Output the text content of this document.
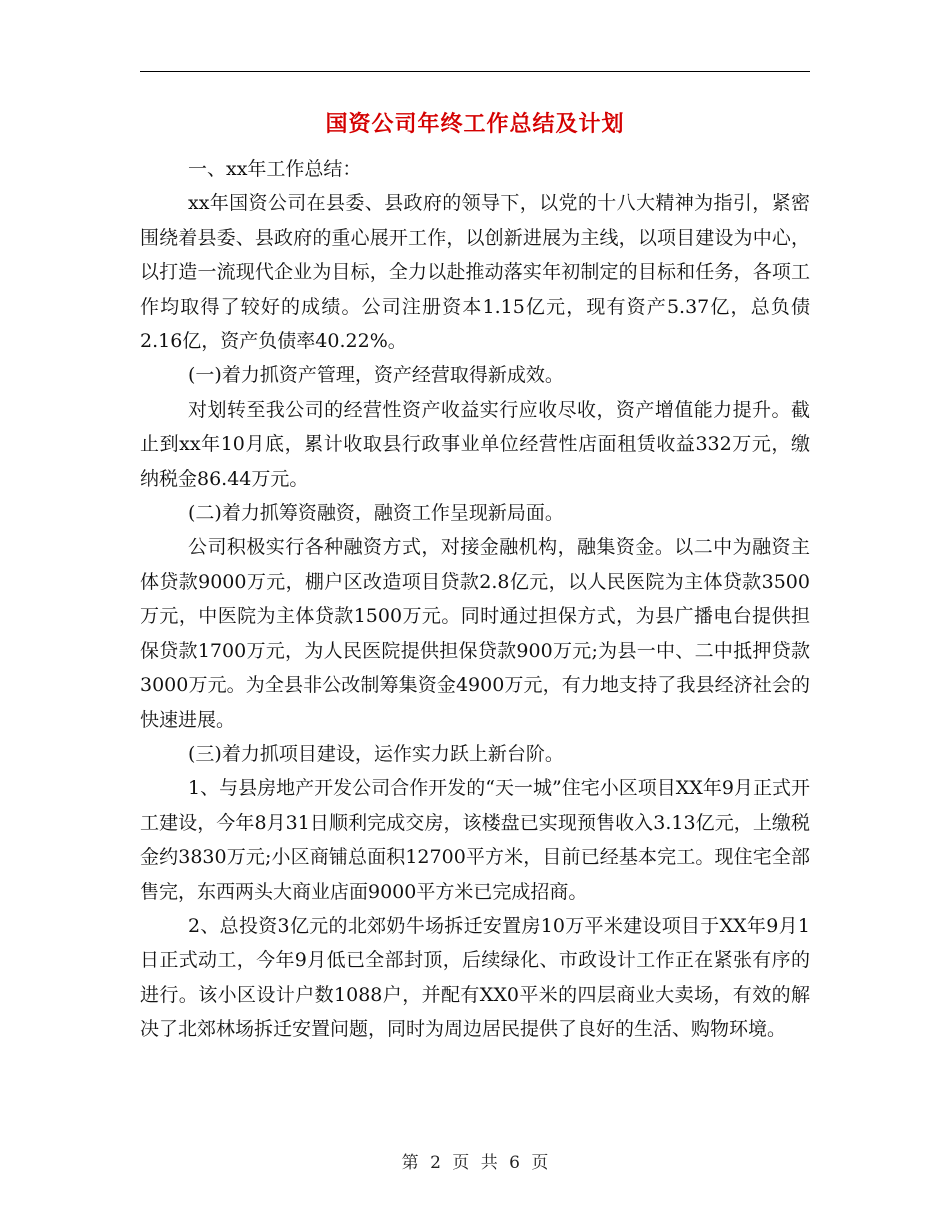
国资公司年终工作总结及计划

一、xx年工作总结：

xx年国资公司在县委、县政府的领导下，以党的十八大精神为指引，紧密围绕着县委、县政府的重心展开工作，以创新进展为主线，以项目建设为中心，以打造一流现代企业为目标，全力以赴推动落实年初制定的目标和任务，各项工作均取得了较好的成绩。公司注册资本1.15亿元，现有资产5.37亿，总负债2.16亿，资产负债率40.22%。

(一)着力抓资产管理，资产经营取得新成效。

对划转至我公司的经营性资产收益实行应收尽收，资产增值能力提升。截止到xx年10月底，累计收取县行政事业单位经营性店面租赁收益332万元，缴纳税金86.44万元。

(二)着力抓筹资融资，融资工作呈现新局面。

公司积极实行各种融资方式，对接金融机构，融集资金。以二中为融资主体贷款9000万元，棚户区改造项目贷款2.8亿元，以人民医院为主体贷款3500万元，中医院为主体贷款1500万元。同时通过担保方式，为县广播电台提供担保贷款1700万元，为人民医院提供担保贷款900万元;为县一中、二中抵押贷款3000万元。为全县非公改制筹集资金4900万元，有力地支持了我县经济社会的快速进展。

(三)着力抓项目建设，运作实力跃上新台阶。

1、与县房地产开发公司合作开发的“天一城”住宅小区项目XX年9月正式开工建设，今年8月31日顺利完成交房，该楼盘已实现预售收入3.13亿元，上缴税金约3830万元;小区商铺总面积12700平方米，目前已经基本完工。现住宅全部售完，东西两头大商业店面9000平方米已完成招商。

2、总投资3亿元的北郊奶牛场拆迁安置房10万平米建设项目于XX年9月1日正式动工，今年9月低已全部封顶，后续绿化、市政设计工作正在紧张有序的进行。该小区设计户数1088户，并配有XX0平米的四层商业大卖场，有效的解决了北郊林场拆迁安置问题，同时为周边居民提供了良好的生活、购物环境。

第 2 页 共 6 页
